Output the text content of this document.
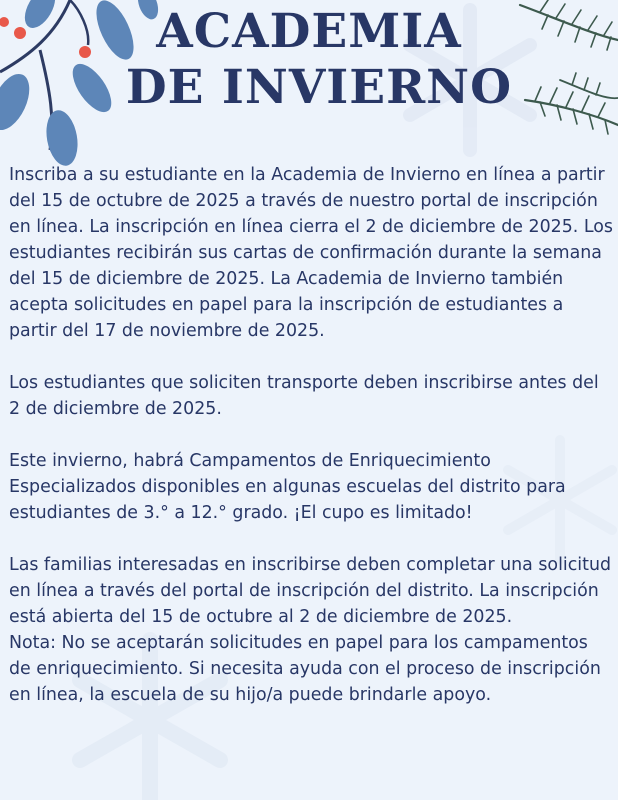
ACADEMIA
DE INVIERNO

Inscriba a su estudiante en la Academia de Invierno en línea a partir del 15 de octubre de 2025 a través de nuestro portal de inscripción en línea. La inscripción en línea cierra el 2 de diciembre de 2025. Los estudiantes recibirán sus cartas de confirmación durante la semana del 15 de diciembre de 2025. La Academia de Invierno también acepta solicitudes en papel para la inscripción de estudiantes a partir del 17 de noviembre de 2025.

Los estudiantes que soliciten transporte deben inscribirse antes del 2 de diciembre de 2025.

Este invierno, habrá Campamentos de Enriquecimiento Especializados disponibles en algunas escuelas del distrito para estudiantes de 3.° a 12.° grado. ¡El cupo es limitado!

Las familias interesadas en inscribirse deben completar una solicitud en línea a través del portal de inscripción del distrito. La inscripción está abierta del 15 de octubre al 2 de diciembre de 2025.

Nota: No se aceptarán solicitudes en papel para los campamentos de enriquecimiento. Si necesita ayuda con el proceso de inscripción en línea, la escuela de su hijo/a puede brindarle apoyo.
